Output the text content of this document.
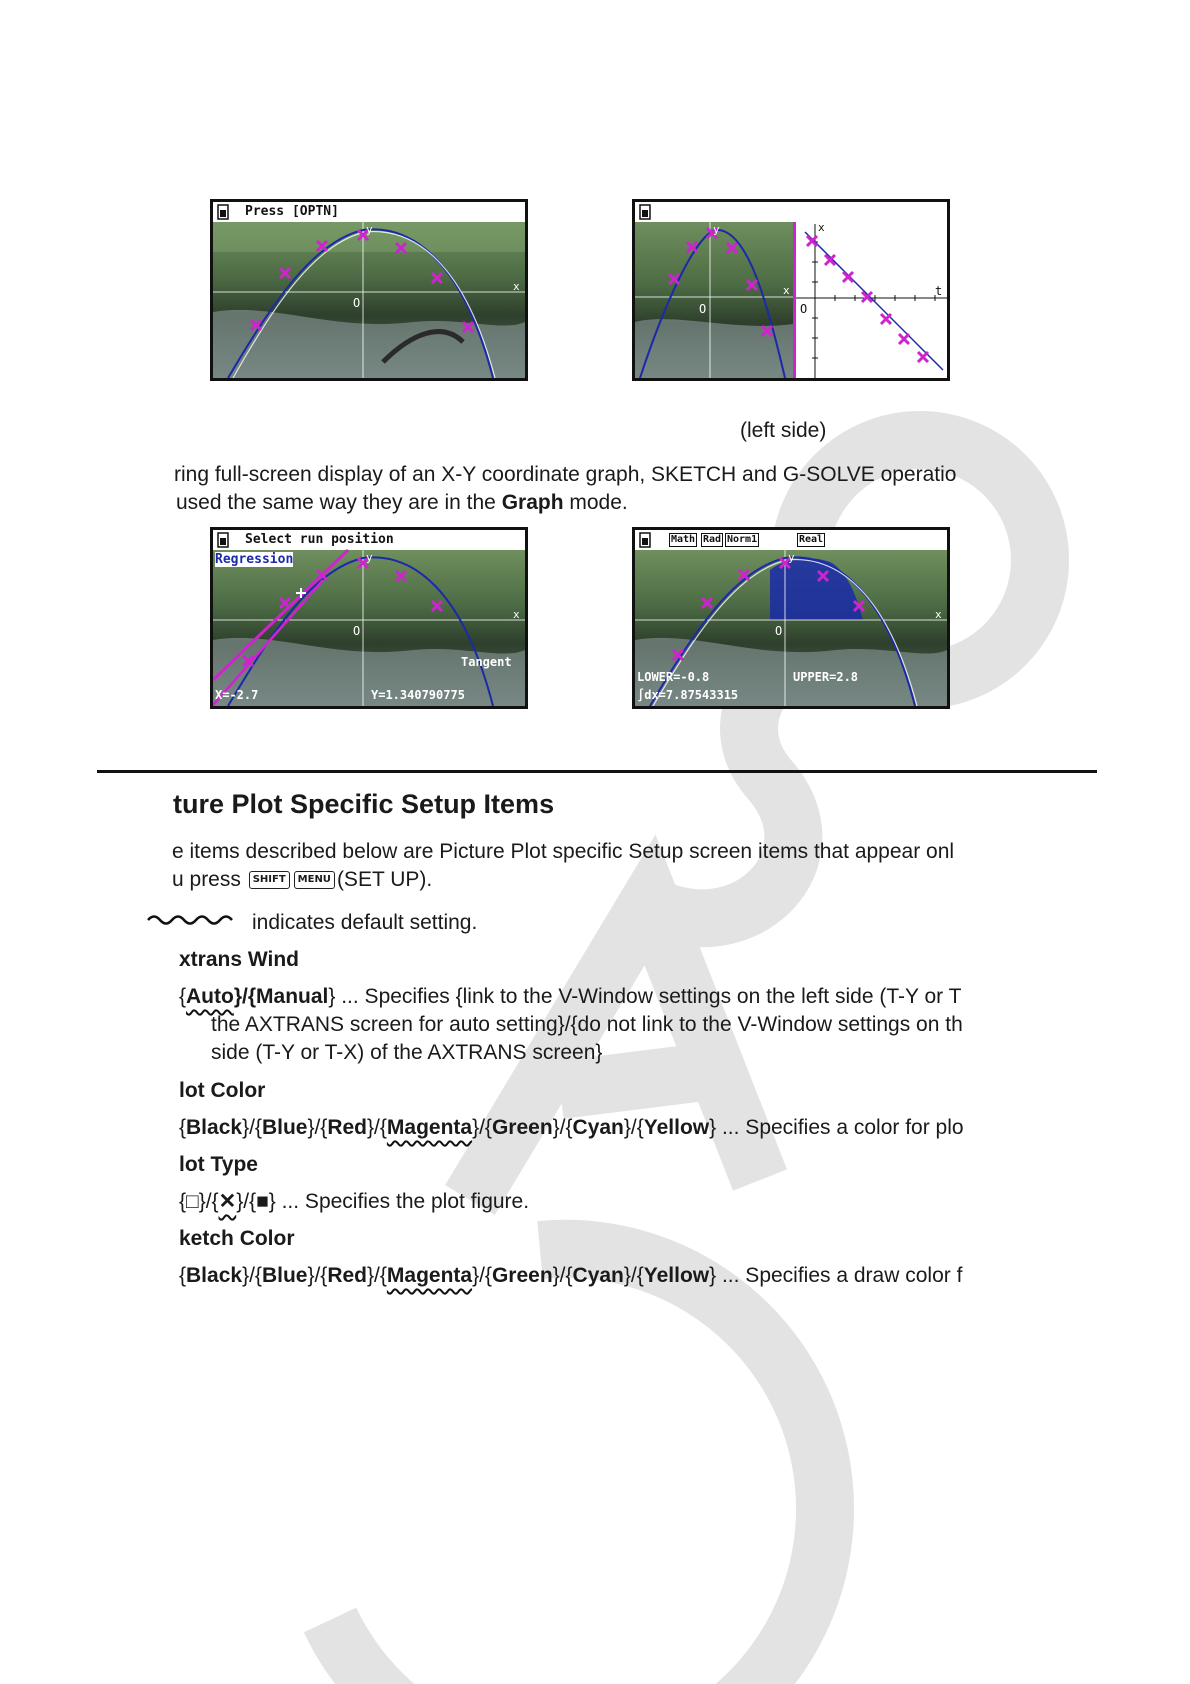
Press [OPTN]
O
x
y
O
x
y
O
x
t
(left side)
ring full-screen display of an X-Y coordinate graph, SKETCH and G-SOLVE operatio
used the same way they are in the Graph mode.
Select run position
Regression
Tangent
X=-2.7	Y=1.340790775
O
x
y
Math Rad Norm1	Real
LOWER=-0.8	UPPER=2.8
∫dx=7.87543315
O
x
y
ture Plot Specific Setup Items
e items described below are Picture Plot specific Setup screen items that appear onl
u press SHIFT MENU (SET UP).
indicates default setting.
xtrans Wind
{Auto}/{Manual} ... Specifies {link to the V-Window settings on the left side (T-Y or T
the AXTRANS screen for auto setting}/{do not link to the V-Window settings on th
side (T-Y or T-X) of the AXTRANS screen}
lot Color
{Black}/{Blue}/{Red}/{Magenta}/{Green}/{Cyan}/{Yellow} ... Specifies a color for plo
lot Type
{□}/{✕}/{■} ... Specifies the plot figure.
ketch Color
{Black}/{Blue}/{Red}/{Magenta}/{Green}/{Cyan}/{Yellow} ... Specifies a draw color f
